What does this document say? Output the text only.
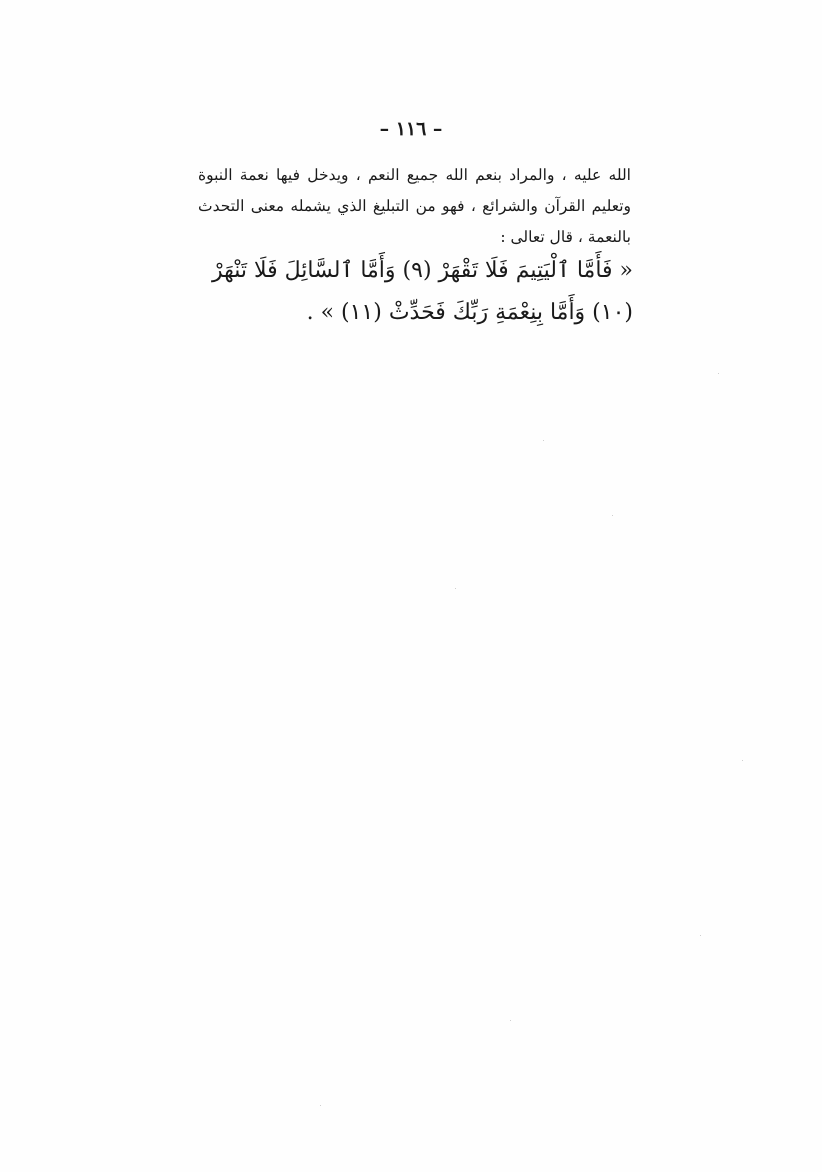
– ١١٦ –

الله عليه ، والمراد بنعم الله جميع النعم ، ويدخل فيها نعمة النبوة وتعليم القرآن والشرائع ، فهو من التبليغ الذي يشمله معنى التحدث بالنعمة ، قال تعالى :

« فَأَمَّا ٱلْيَتِيمَ فَلَا تَقْهَرْ (٩) وَأَمَّا ٱلسَّائِلَ فَلَا تَنْهَرْ (١٠) وَأَمَّا بِنِعْمَةِ رَبِّكَ فَحَدِّثْ (١١) » .
